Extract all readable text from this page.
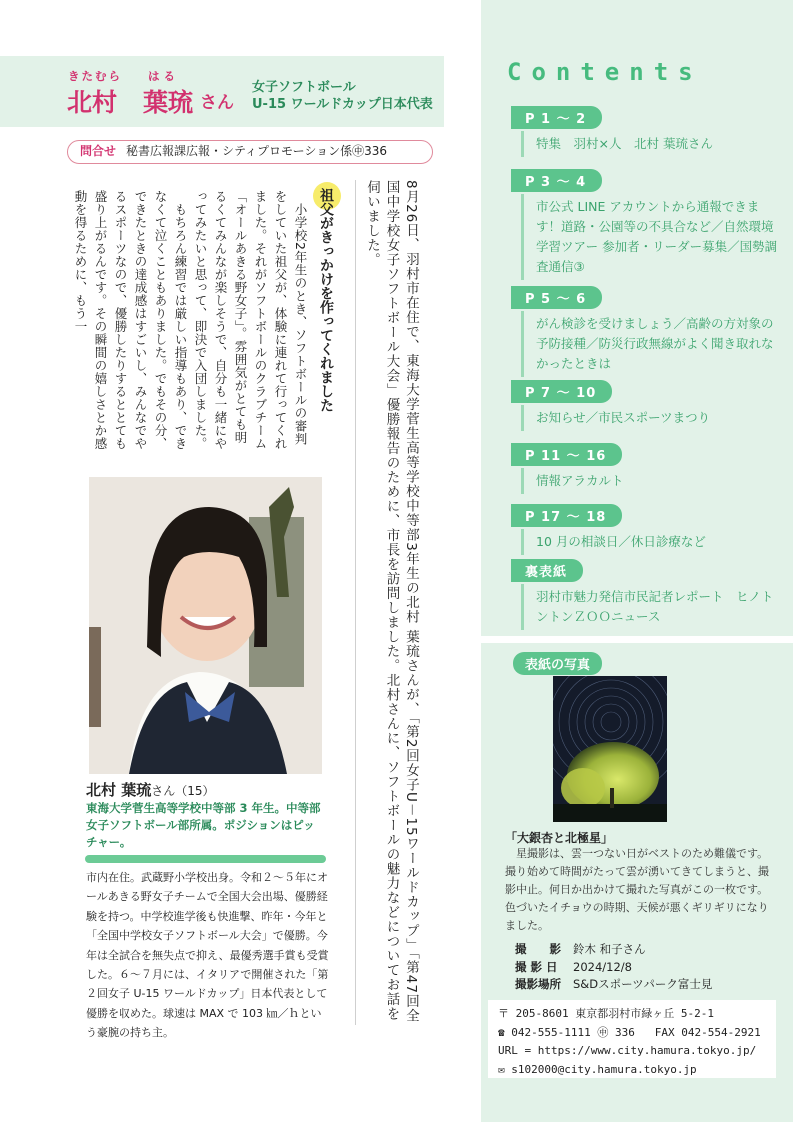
Contents
P 1 ～ 2
特集　羽村×人　北村 葉琉さん
P 3 ～ 4
市公式 LINE アカウントから通報できます！道路・公園等の不具合など／自然環境学習ツアー 参加者・リーダー募集／国勢調査通信③
P 5 ～ 6
がん検診を受けましょう／高齢の方対象の予防接種／防災行政無線がよく聞き取れなかったときは
P 7 ～ 10
お知らせ／市民スポーツまつり
P 11 ～ 16
情報アラカルト
P 17 ～ 18
10 月の相談日／休日診療など
裏表紙
羽村市魅力発信市民記者レポート　ヒノトントンＺＯＯニュース
表紙の写真
「大銀杏と北極星」
星撮影は、雲一つない日がベストのため難儀です。撮り始めて時間がたって雲が湧いてきてしまうと、撮影中止。何日か出かけて撮れた写真がこの一枚です。色づいたイチョウの時期、天候が悪くギリギリになりました。
撮　　影 鈴木 和子さん
撮 影 日 2024/12/8
撮影場所 S&Dスポーツパーク富士見
〒 205-8601 東京都羽村市緑ヶ丘 5-2-1
☎ 042-555-1111 ㊥ 336 FAX 042-554-2921
URL = https://www.city.hamura.tokyo.jp/
✉ s102000@city.hamura.tokyo.jp
きたむら はる
北村 葉琉 さん
女子ソフトボール
U-15 ワールドカップ日本代表
問合せ 秘書広報課広報・シティプロモーション係㊥336
8月26日、羽村市在住で、東海大学菅生高等学校中等部3年生の北村 葉琉さんが、「第2回女子U－15ワールドカップ」「第47回全国中学校女子ソフトボール大会」優勝報告のために、市長を訪問しました。北村さんに、ソフトボールの魅力などについてお話を伺いました。
祖父がきっかけを作ってくれました

小学校2年生のとき、ソフトボールの審判をしていた祖父が、体験に連れて行ってくれました。それがソフトボールのクラブチーム「オールあきる野女子」。雰囲気がとても明るくてみんなが楽しそうで、自分も一緒にやってみたいと思って、即決で入団しました。

もちろん練習では厳しい指導もあり、できなくて泣くこともありました。でもその分、できたときの達成感はすごいし、みんなでやるスポーツなので、優勝したりするととても盛り上がるんです。その瞬間の嬉しさとか感動を得るために、もう一

北村 葉琉さん（15）
東海大学菅生高等学校中等部 3 年生。中等部女子ソフトボール部所属。ポジションはピッチャー。
市内在住。武蔵野小学校出身。令和２～５年にオールあきる野女子チームで全国大会出場、優勝経験を持つ。中学校進学後も快進撃、昨年・今年と「全国中学校女子ソフトボール大会」で優勝。今年は全試合を無失点で抑え、最優秀選手賞も受賞した。６～７月には、イタリアで開催された「第２回女子 U-15 ワールドカップ」日本代表として優勝を収めた。球速は MAX で 103 ㎞／ｈという豪腕の持ち主。
